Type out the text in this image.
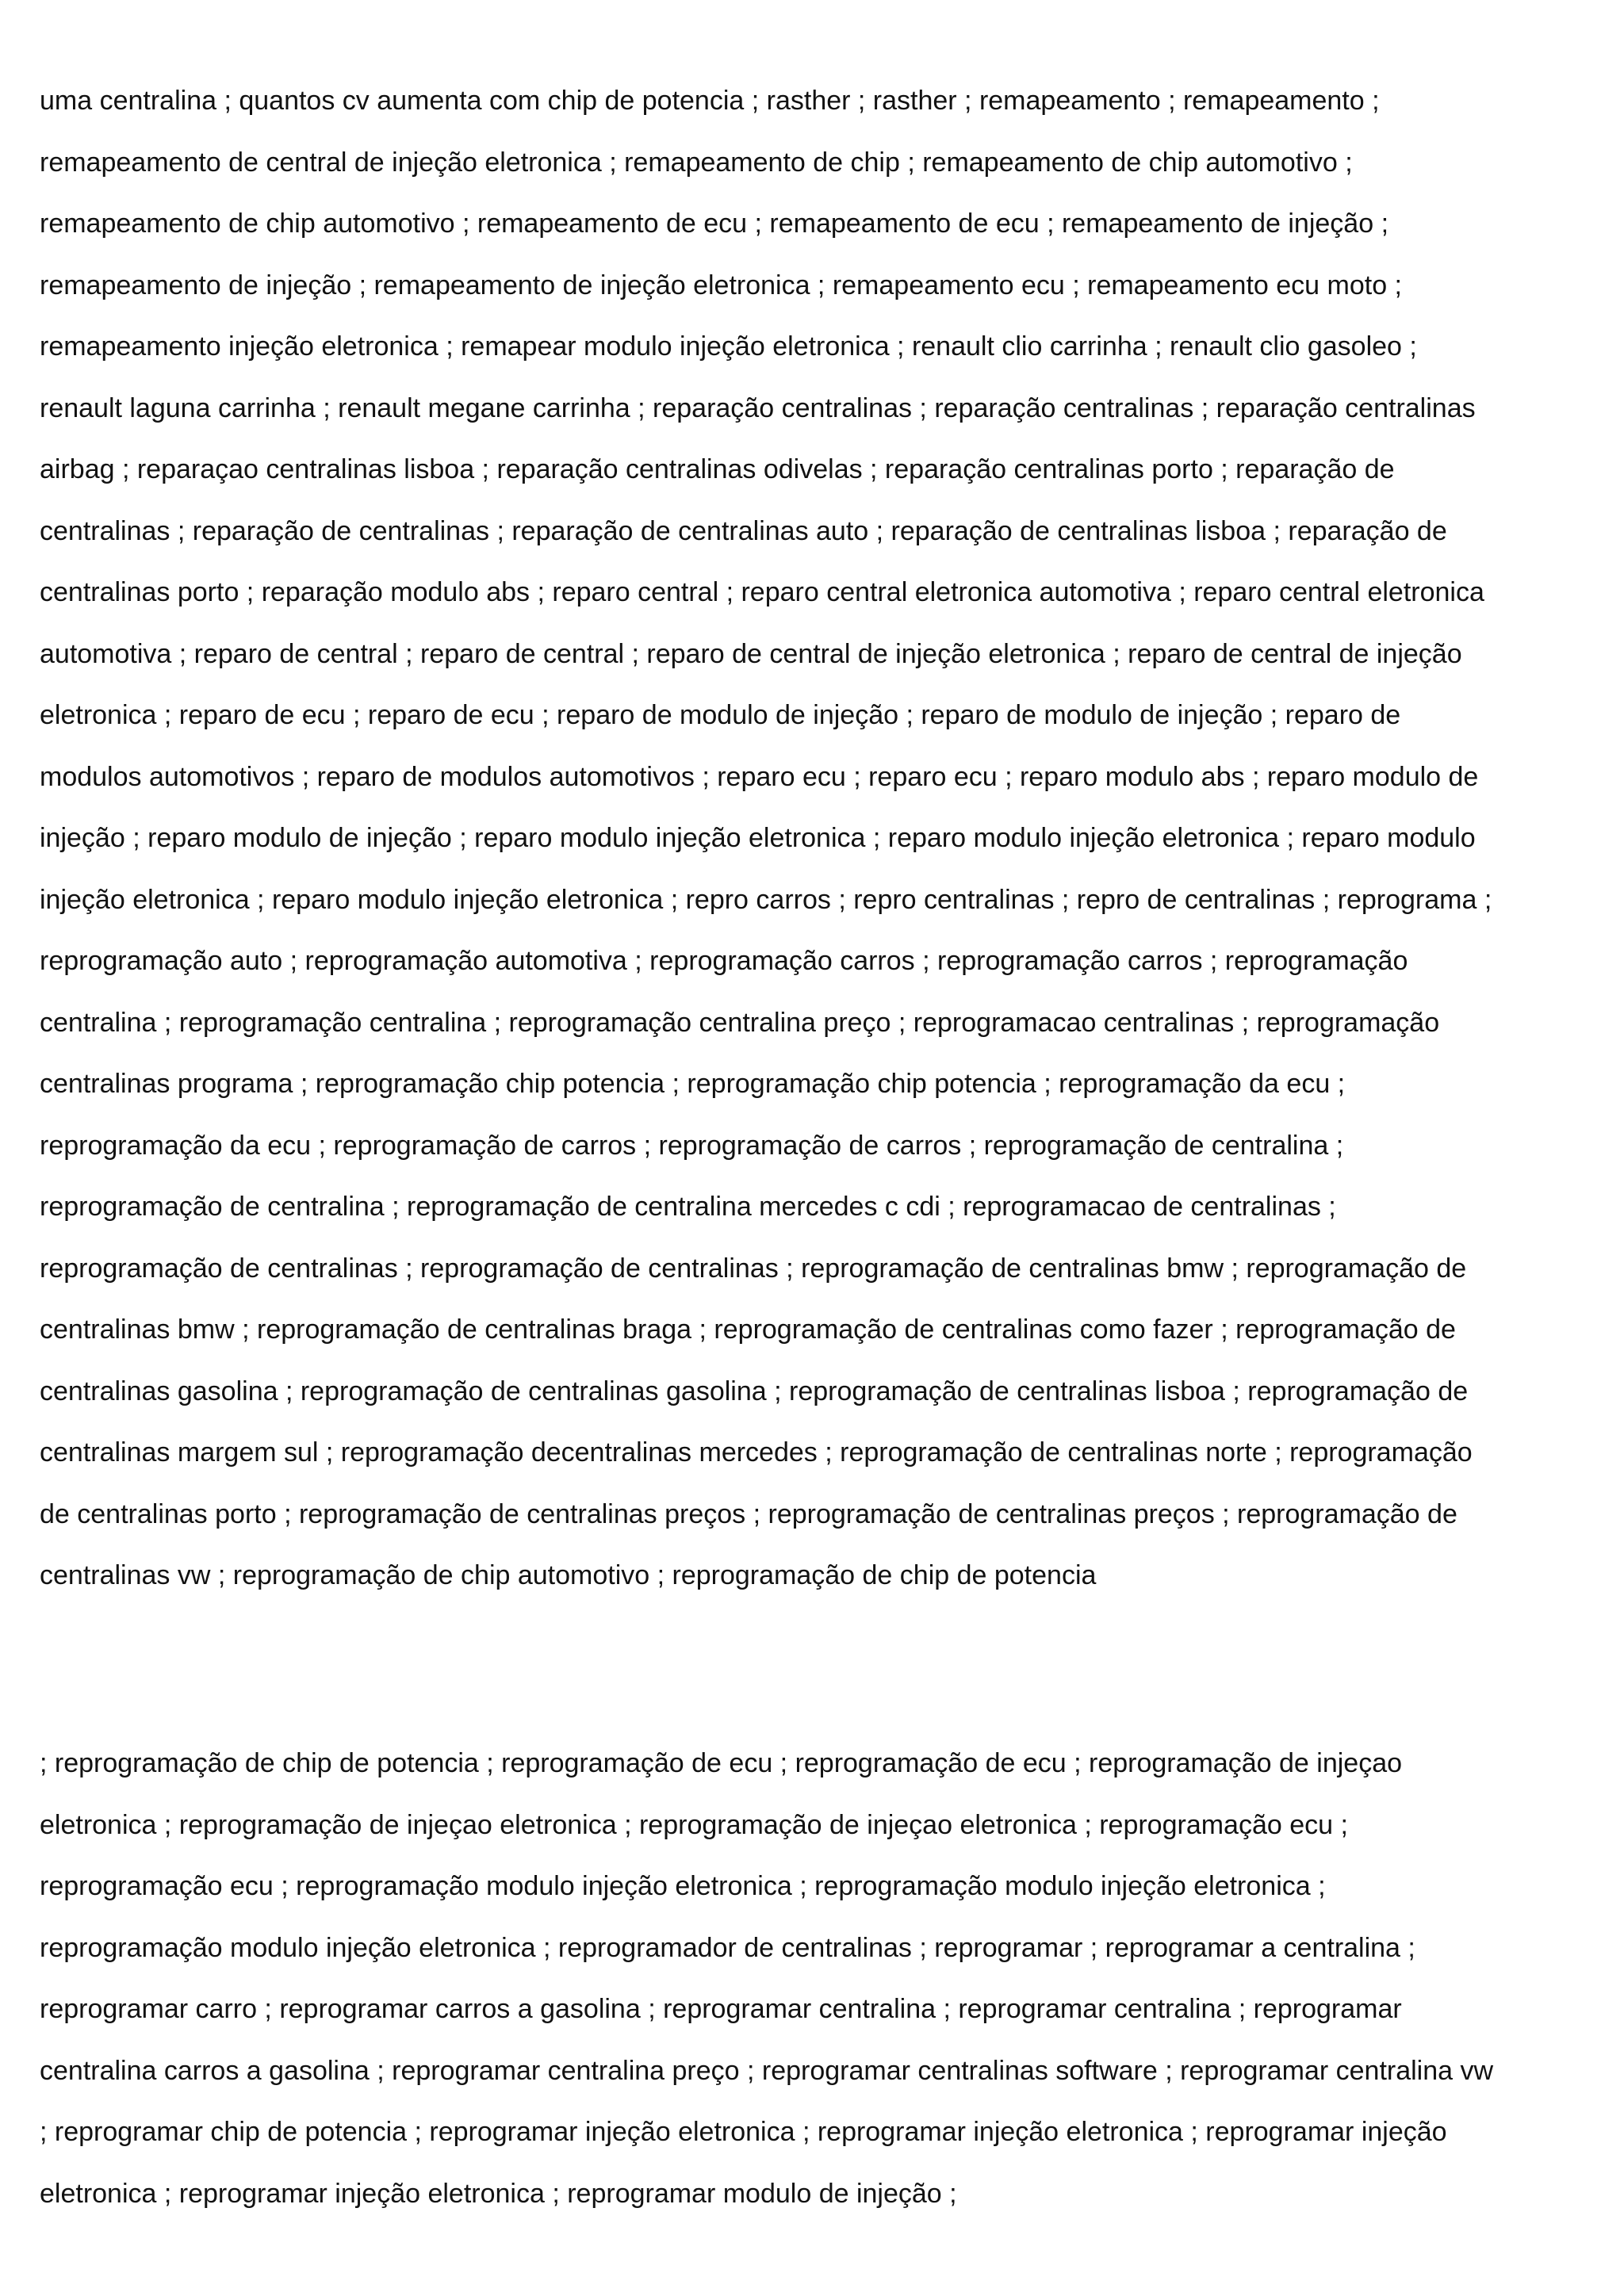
uma centralina ; quantos cv aumenta com chip de potencia ; rasther ; rasther ; remapeamento ; remapeamento ; remapeamento de central de injeção eletronica ; remapeamento de chip ; remapeamento de chip automotivo ; remapeamento de chip automotivo ; remapeamento de ecu ; remapeamento de ecu ; remapeamento de injeção ; remapeamento de injeção ; remapeamento de injeção eletronica ; remapeamento ecu ; remapeamento ecu moto ; remapeamento injeção eletronica ; remapear modulo injeção eletronica ; renault clio carrinha ; renault clio gasoleo ; renault laguna carrinha ; renault megane carrinha ; reparação centralinas ; reparação centralinas ; reparação centralinas airbag ; reparaçao centralinas lisboa ; reparação centralinas odivelas ; reparação centralinas porto ; reparação de centralinas ; reparação de centralinas ; reparação de centralinas auto ; reparação de centralinas lisboa ; reparação de centralinas porto ; reparação modulo abs ; reparo central ; reparo central eletronica automotiva ; reparo central eletronica automotiva ; reparo de central ; reparo de central ; reparo de central de injeção eletronica ; reparo de central de injeção eletronica ; reparo de ecu ; reparo de ecu ; reparo de modulo de injeção ; reparo de modulo de injeção ; reparo de modulos automotivos ; reparo de modulos automotivos ; reparo ecu ; reparo ecu ; reparo modulo abs ; reparo modulo de injeção ; reparo modulo de injeção ; reparo modulo injeção eletronica ; reparo modulo injeção eletronica ; reparo modulo injeção eletronica ; reparo modulo injeção eletronica ; repro carros ; repro centralinas ; repro de centralinas ; reprograma ; reprogramação auto ; reprogramação automotiva ; reprogramação carros ; reprogramação carros ; reprogramação centralina ; reprogramação centralina ; reprogramação centralina preço ; reprogramacao centralinas ; reprogramação centralinas programa ; reprogramação chip potencia ; reprogramação chip potencia ; reprogramação da ecu ; reprogramação da ecu ; reprogramação de carros ; reprogramação de carros ; reprogramação de centralina ; reprogramação de centralina ; reprogramação de centralina mercedes c cdi ; reprogramacao de centralinas ; reprogramação de centralinas ; reprogramação de centralinas ; reprogramação de centralinas bmw ; reprogramação de centralinas bmw ; reprogramação de centralinas braga ; reprogramação de centralinas como fazer ; reprogramação de centralinas gasolina ; reprogramação de centralinas gasolina ; reprogramação de centralinas lisboa ; reprogramação de centralinas margem sul ; reprogramação decentralinas mercedes ; reprogramação de centralinas norte ; reprogramação de centralinas porto ; reprogramação de centralinas preços ; reprogramação de centralinas preços ; reprogramação de centralinas vw ; reprogramação de chip automotivo ; reprogramação de chip de potencia

; reprogramação de chip de potencia ; reprogramação de ecu ; reprogramação de ecu ; reprogramação de injeçao eletronica ; reprogramação de injeçao eletronica ; reprogramação de injeçao eletronica ; reprogramação ecu ; reprogramação ecu ; reprogramação modulo injeção eletronica ; reprogramação modulo injeção eletronica ; reprogramação modulo injeção eletronica ; reprogramador de centralinas ; reprogramar ; reprogramar a centralina ; reprogramar carro ; reprogramar carros a gasolina ; reprogramar centralina ; reprogramar centralina ; reprogramar centralina carros a gasolina ; reprogramar centralina preço ; reprogramar centralinas software ; reprogramar centralina vw ; reprogramar chip de potencia ; reprogramar injeção eletronica ; reprogramar injeção eletronica ; reprogramar injeção eletronica ; reprogramar injeção eletronica ; reprogramar modulo de injeção ;
